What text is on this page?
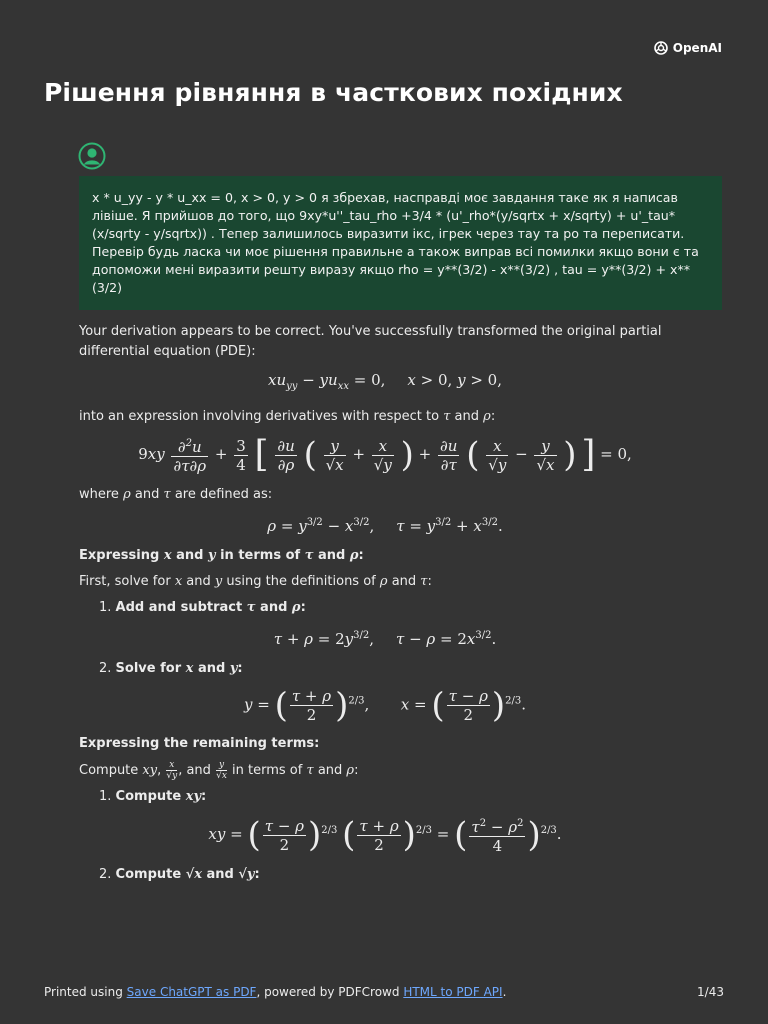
OpenAI
Рішення рівняння в часткових похідних
x * u_yy - y * u_xx = 0, x > 0, y > 0 я збрехав, насправді моє завдання таке як я написав лівіше. Я прийшов до того, що 9xy*u''_tau_rho +3/4 * (u'_rho*(y/sqrtx + x/sqrty) + u'_tau*(x/sqrty - y/sqrtx)) . Тепер залишилось виразити ікс, ігрек через тау та ро та переписати. Перевір будь ласка чи моє рішення правильне а також виправ всі помилки якщо вони є та допоможи мені виразити решту виразу якщо rho = y**(3/2) - x**(3/2) , tau = y**(3/2) + x**(3/2)

Your derivation appears to be correct. You've successfully transformed the original partial differential equation (PDE):

$xu_{yy} - yu_{xx} = 0$, x > 0, y > 0,

into an expression involving derivatives with respect to τ and ρ:

$9xy \frac{\partial^2u}{\partial\tau\partial\rho} + \frac{3}{4}$ [ $\frac{\partial u}{\partial\rho}$ ( $\frac{y}{√x} + \frac{x}{√y}$ ) + $\frac{\partial u}{\partial\tau}$ ( $\frac{x}{√y} - \frac{y}{√x}$ ) ] = 0,

where ρ and τ are defined as:

$\rho = y^{3/2} - x^{3/2}$, $\tau = y^{3/2} + x^{3/2}$.

Expressing x and y in terms of τ and ρ:

First, solve for x and y using the definitions of ρ and τ:

1. Add and subtract τ and ρ:

$\tau + \rho = 2y^{3/2}$, $\tau - \rho = 2x^{3/2}$.

2. Solve for x and y:

y = ( $\frac{\tau + \rho}{2} )^{2/3}$,  x = ( $\frac{\tau - \rho}{2} )^{2/3}$.

Expressing the remaining terms:

Compute xy, $\frac{x}{√y}$ , and $\frac{y}{√x}$ in terms of τ and ρ:

1. Compute xy:

xy = ( $\frac{\tau - \rho}{2} )^{2/3}$ ( $\frac{\tau + \rho}{2} )^{2/3}$ = ( $\frac{\tau^2 - \rho^2}{4} )^{2/3}$.

2. Compute √x and √y:

Printed using Save ChatGPT as PDF, powered by PDFCrowd HTML to PDF API.	1/43
